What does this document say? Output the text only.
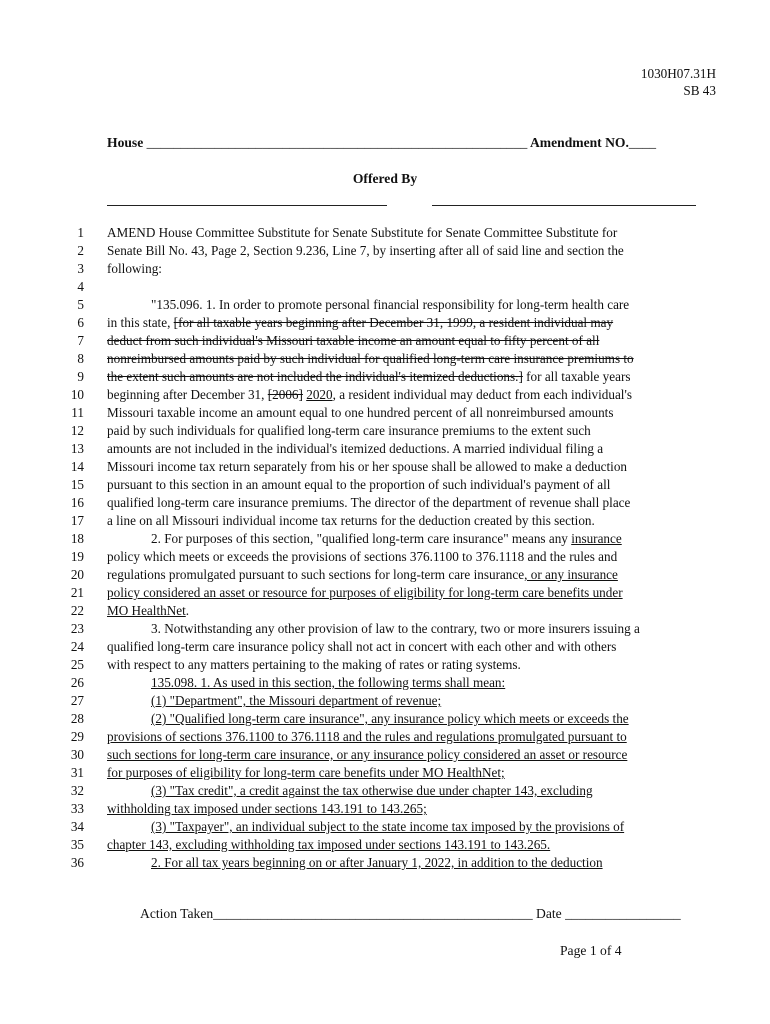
1030H07.31H
SB 43
House ________________________________________________________ Amendment NO.____
Offered By
1 AMEND House Committee Substitute for Senate Substitute for Senate Committee Substitute for
2 Senate Bill No. 43, Page 2, Section 9.236, Line 7, by inserting after all of said line and section the
3 following:
4
5	"135.096. 1. In order to promote personal financial responsibility for long-term health care
6 in this state, [for all taxable years beginning after December 31, 1999, a resident individual may
7 deduct from such individual's Missouri taxable income an amount equal to fifty percent of all
8 nonreimbursed amounts paid by such individual for qualified long-term care insurance premiums to
9 the extent such amounts are not included the individual's itemized deductions.] for all taxable years
10 beginning after December 31, [2006] 2020, a resident individual may deduct from each individual's
11 Missouri taxable income an amount equal to one hundred percent of all nonreimbursed amounts
12 paid by such individuals for qualified long-term care insurance premiums to the extent such
13 amounts are not included in the individual's itemized deductions. A married individual filing a
14 Missouri income tax return separately from his or her spouse shall be allowed to make a deduction
15 pursuant to this section in an amount equal to the proportion of such individual's payment of all
16 qualified long-term care insurance premiums. The director of the department of revenue shall place
17 a line on all Missouri individual income tax returns for the deduction created by this section.
18	2. For purposes of this section, "qualified long-term care insurance" means any insurance
19 policy which meets or exceeds the provisions of sections 376.1100 to 376.1118 and the rules and
20 regulations promulgated pursuant to such sections for long-term care insurance, or any insurance
21 policy considered an asset or resource for purposes of eligibility for long-term care benefits under
22 MO HealthNet.
23	3. Notwithstanding any other provision of law to the contrary, two or more insurers issuing a
24 qualified long-term care insurance policy shall not act in concert with each other and with others
25 with respect to any matters pertaining to the making of rates or rating systems.
26	135.098. 1. As used in this section, the following terms shall mean:
27	(1) "Department", the Missouri department of revenue;
28	(2) "Qualified long-term care insurance", any insurance policy which meets or exceeds the
29 provisions of sections 376.1100 to 376.1118 and the rules and regulations promulgated pursuant to
30 such sections for long-term care insurance, or any insurance policy considered an asset or resource
31 for purposes of eligibility for long-term care benefits under MO HealthNet;
32	(3) "Tax credit", a credit against the tax otherwise due under chapter 143, excluding
33 withholding tax imposed under sections 143.191 to 143.265;
34	(3) "Taxpayer", an individual subject to the state income tax imposed by the provisions of
35 chapter 143, excluding withholding tax imposed under sections 143.191 to 143.265.
36	2. For all tax years beginning on or after January 1, 2022, in addition to the deduction
Action Taken_______________________________________________ Date _________________
Page 1 of 4
